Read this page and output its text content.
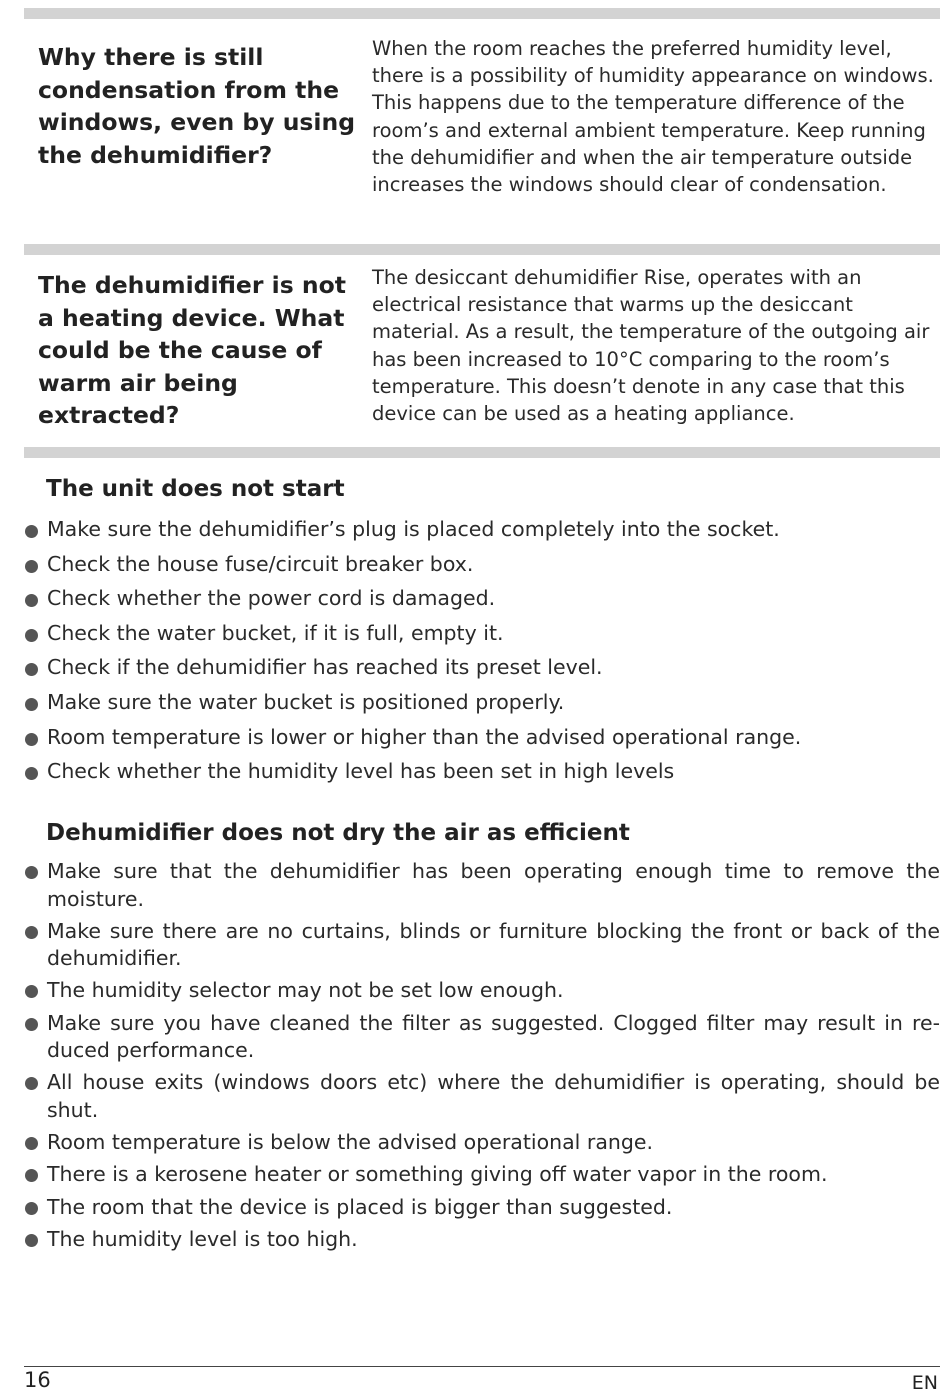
Why there is still condensation from the windows, even by using the dehumidifier?
When the room reaches the preferred humidity level, there is a possibility of humidity appearance on windows. This happens due to the temperature difference of the room’s and external ambient temperature. Keep running the dehumidifier and when the air temperature outside increases the windows should clear of condensation.
The dehumidifier is not a heating device. What could be the cause of warm air being extracted?
The desiccant dehumidifier Rise, operates with an electrical resistance that warms up the desiccant material. As a result, the temperature of the outgoing air has been increased to 10°C comparing to the room’s temperature. This doesn’t denote in any case that this device can be used as a heating appliance.
The unit does not start
Make sure the dehumidifier’s plug is placed completely into the socket.
Check the house fuse/circuit breaker box.
Check whether the power cord is damaged.
Check the water bucket, if it is full, empty it.
Check if the dehumidifier has reached its preset level.
Make sure the water bucket is positioned properly.
Room temperature is lower or higher than the advised operational range.
Check whether the humidity level has been set in high levels
Dehumidifier does not dry the air as efficient
Make sure that the dehumidifier has been operating enough time to remove the moisture.
Make sure there are no curtains, blinds or furniture blocking the front or back of the dehumidifier.
The humidity selector may not be set low enough.
Make sure you have cleaned the filter as suggested. Clogged filter may result in reduced performance.
All house exits (windows doors etc) where the dehumidifier is operating, should be shut.
Room temperature is below the advised operational range.
There is a kerosene heater or something giving off water vapor in the room.
The room that the device is placed is bigger than suggested.
The humidity level is too high.
16	EN
